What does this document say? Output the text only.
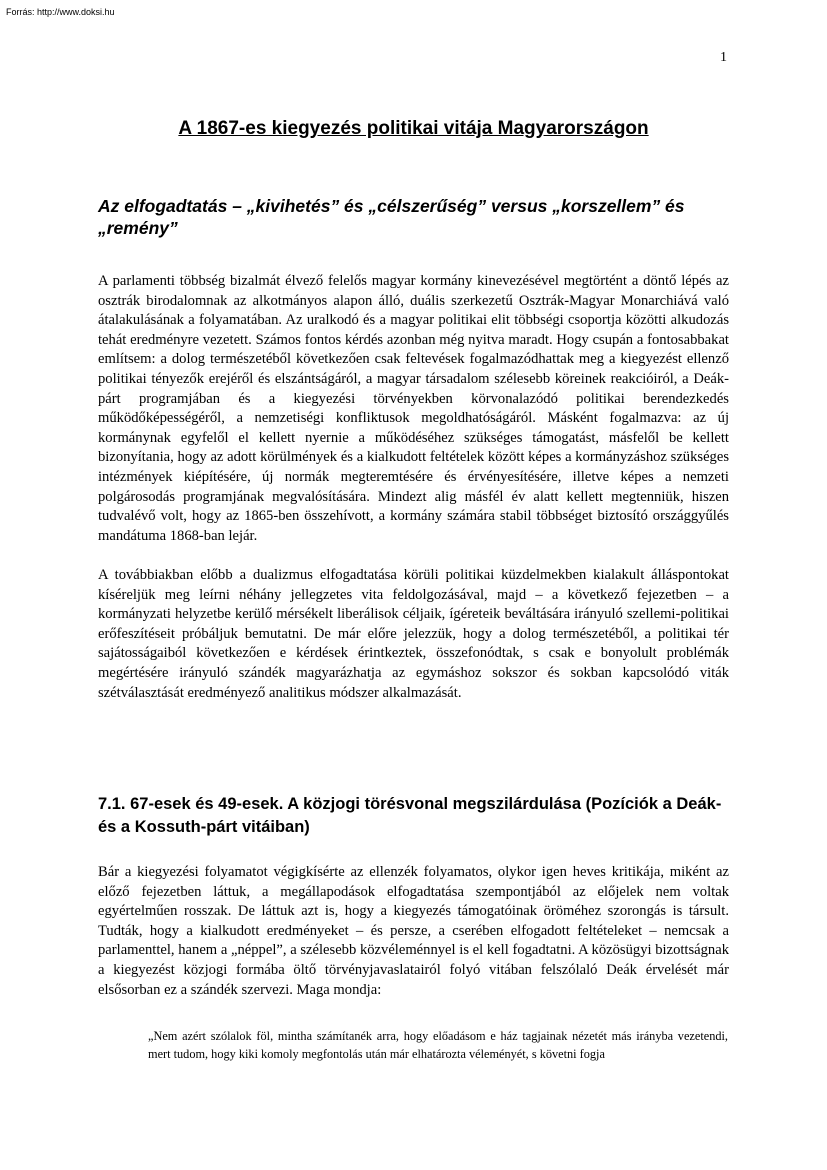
Forrás: http://www.doksi.hu
1
A 1867-es kiegyezés politikai vitája Magyarországon
Az elfogadtatás – „kivihetés” és „célszerűség” versus „korszellem” és „remény”

A parlamenti többség bizalmát élvező felelős magyar kormány kinevezésével megtörtént a döntő lépés az osztrák birodalomnak az alkotmányos alapon álló, duális szerkezetű Osztrák-Magyar Monarchiává való átalakulásának a folyamatában. Az uralkodó és a magyar politikai elit többségi csoportja közötti alkudozás tehát eredményre vezetett. Számos fontos kérdés azonban még nyitva maradt. Hogy csupán a fontosabbakat említsem: a dolog természetéből következően csak feltevések fogalmazódhattak meg a kiegyezést ellenző politikai tényezők erejéről és elszántságáról, a magyar társadalom szélesebb köreinek reakcióiról, a Deák-párt programjában és a kiegyezési törvényekben körvonalazódó politikai berendezkedés működőképességéről, a nemzetiségi konfliktusok megoldhatóságáról. Másként fogalmazva: az új kormánynak egyfelől el kellett nyernie a működéséhez szükséges támogatást, másfelől be kellett bizonyítania, hogy az adott körülmények és a kialkudott feltételek között képes a kormányzáshoz szükséges intézmények kiépítésére, új normák megteremtésére és érvényesítésére, illetve képes a nemzeti polgárosodás programjának megvalósítására. Mindezt alig másfél év alatt kellett megtenniük, hiszen tudvalévő volt, hogy az 1865-ben összehívott, a kormány számára stabil többséget biztosító országgyűlés mandátuma 1868-ban lejár.

A továbbiakban előbb a dualizmus elfogadtatása körüli politikai küzdelmekben kialakult álláspontokat kíséreljük meg leírni néhány jellegzetes vita feldolgozásával, majd – a következő fejezetben – a kormányzati helyzetbe kerülő mérsékelt liberálisok céljaik, ígéreteik beváltására irányuló szellemi-politikai erőfeszítéseit próbáljuk bemutatni. De már előre jelezzük, hogy a dolog természetéből, a politikai tér sajátosságaiból következően e kérdések érintkeztek, összefonódtak, s csak e bonyolult problémák megértésére irányuló szándék magyarázhatja az egymáshoz sokszor és sokban kapcsolódó viták szétválasztását eredményező analitikus módszer alkalmazását.

7.1. 67-esek és 49-esek. A közjogi törésvonal megszilárdulása (Pozíciók a Deák- és a Kossuth-párt vitáiban)

Bár a kiegyezési folyamatot végigkísérte az ellenzék folyamatos, olykor igen heves kritikája, miként az előző fejezetben láttuk, a megállapodások elfogadtatása szempontjából az előjelek nem voltak egyértelműen rosszak. De láttuk azt is, hogy a kiegyezés támogatóinak öröméhez szorongás is társult. Tudták, hogy a kialkudott eredményeket – és persze, a cserében elfogadott feltételeket – nemcsak a parlamenttel, hanem a „néppel”, a szélesebb közvéleménnyel is el kell fogadtatni. A közösügyi bizottságnak a kiegyezést közjogi formába öltő törvényjavaslatairól folyó vitában felszólaló Deák érvelését már elsősorban ez a szándék szervezi. Maga mondja:

„Nem azért szólalok föl, mintha számítanék arra, hogy előadásom e ház tagjainak nézetét más irányba vezetendi, mert tudom, hogy kiki komoly megfontolás után már elhatározta véleményét, s követni fogja
